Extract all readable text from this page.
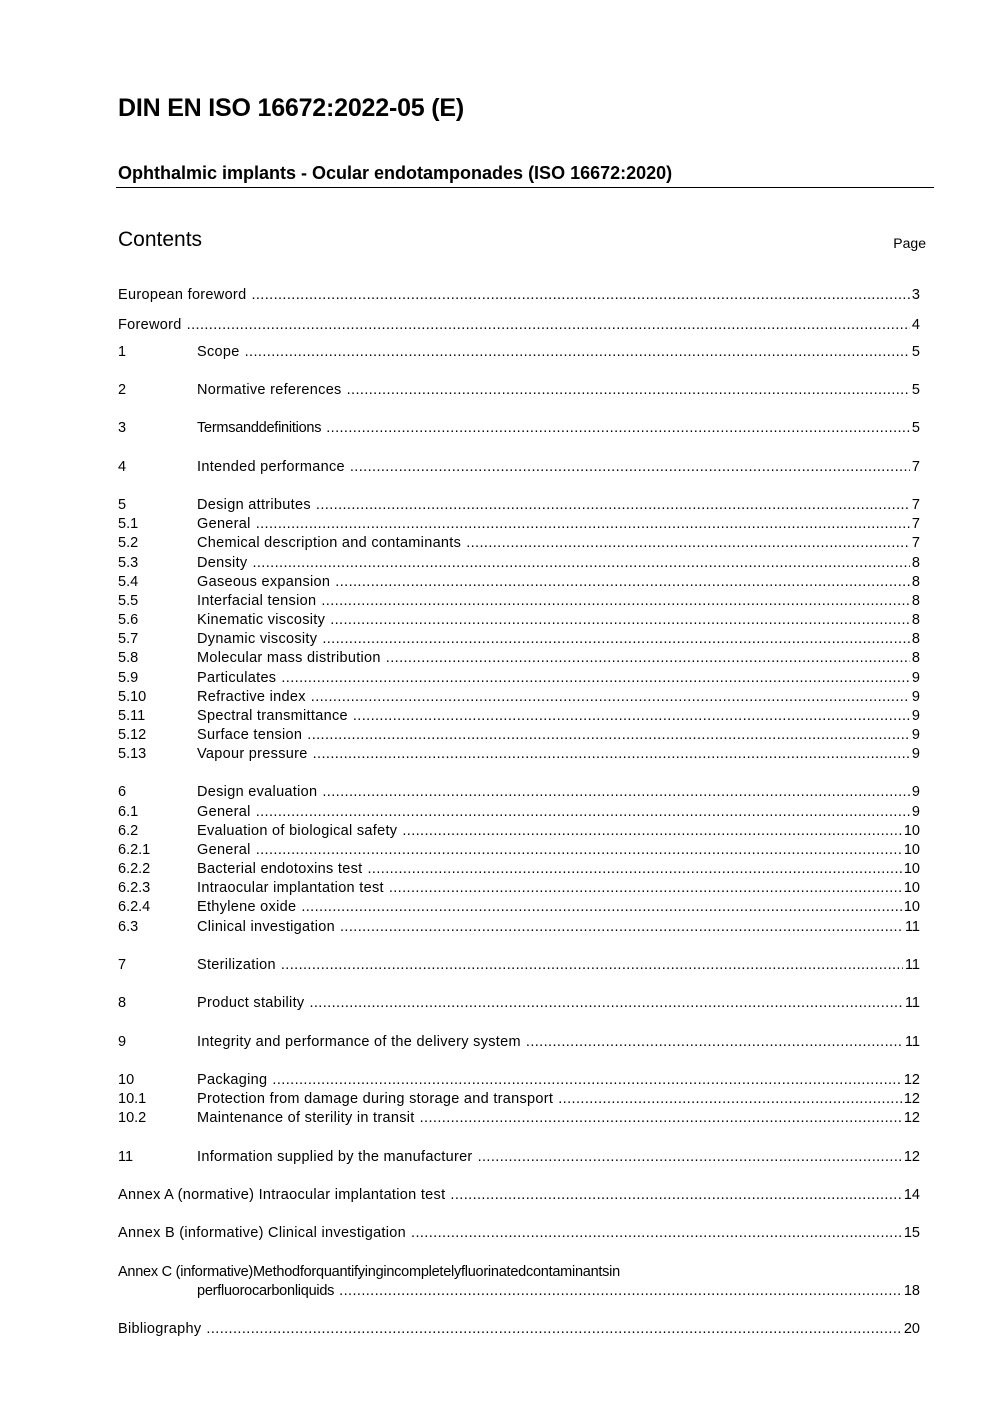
DIN EN ISO 16672:2022-05 (E)
Ophthalmic implants - Ocular endotamponades (ISO 16672:2020)
Contents	Page
European foreword .....	3
Foreword .....	4
1	Scope .....	5
2	Normative references .....	5
3	Termsanddefinitions .....	5
4	Intended performance .....	7
5	Design attributes .....	7
5.1	General .....	7
5.2	Chemical description and contaminants .....	7
5.3	Density .....	8
5.4	Gaseous expansion .....	8
5.5	Interfacial tension .....	8
5.6	Kinematic viscosity .....	8
5.7	Dynamic viscosity .....	8
5.8	Molecular mass distribution .....	8
5.9	Particulates .....	9
5.10	Refractive index .....	9
5.11	Spectral transmittance .....	9
5.12	Surface tension .....	9
5.13	Vapour pressure .....	9
6	Design evaluation .....	9
6.1	General .....	9
6.2	Evaluation of biological safety .....	10
6.2.1	General .....	10
6.2.2	Bacterial endotoxins test .....	10
6.2.3	Intraocular implantation test .....	10
6.2.4	Ethylene oxide .....	10
6.3	Clinical investigation .....	11
7	Sterilization .....	11
8	Product stability .....	11
9	Integrity and performance of the delivery system .....	11
10	Packaging .....	12
10.1	Protection from damage during storage and transport .....	12
10.2	Maintenance of sterility in transit .....	12
11	Information supplied by the manufacturer .....	12
Annex A (normative) Intraocular implantation test .....	14
Annex B (informative) Clinical investigation .....	15
Annex C (informative)Methodforquantifyingincompletelyfluorinatedcontaminantsin
perfluorocarbonliquids .....	18
Bibliography .....	20
